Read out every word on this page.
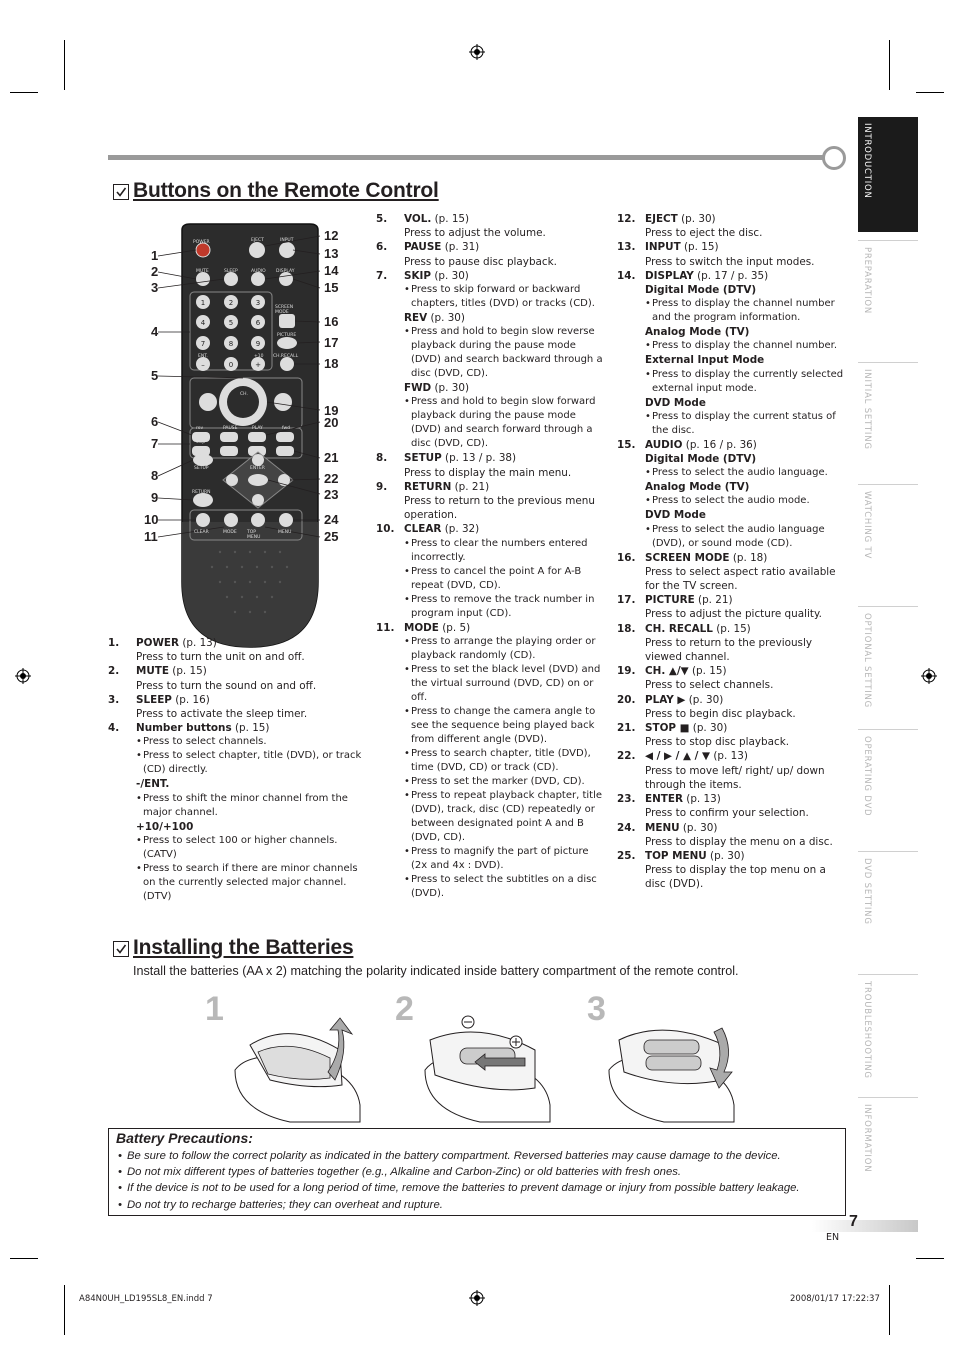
INTRODUCTION
PREPARATION
INITIAL SETTING
WATCHING TV
OPTIONAL SETTING
OPERATING DVD
DVD SETTING
TROUBLESHOOTING
INFORMATION
Buttons on the Remote Control
1	2	3
4	5	6
7	8	9
–	0	+
1
2
3
4
5
6
7
8
9
10
11
12
13
14
15
16
17
18
19
20
21
22
23
24
25
POWER	EJECT	INPUT
MUTE	SLEEP	AUDIO DISPLAY
SCREEN MODE
PICTURE
ENT.	+10 CH.RECALL
CH.
VOL.
rev	PAUSE	PLAY	fwd
skip
STOP
SETUP	ENTER
RETURN
CLEAR	MODE TOP MENU
MENU
1. POWER (p. 13)
Press to turn the unit on and off.
2. MUTE (p. 15)
Press to turn the sound on and off.
3. SLEEP (p. 16)
Press to activate the sleep timer.
4. Number buttons (p. 15)
• Press to select channels.
• Press to select chapter, title (DVD), or track (CD) directly.
-/ENT.
• Press to shift the minor channel from the major channel.
+10/+100
• Press to select 100 or higher channels. (CATV)
• Press to search if there are minor channels on the currently selected major channel. (DTV)
5. VOL. (p. 15)
Press to adjust the volume.
6. PAUSE (p. 31)
Press to pause disc playback.
7. SKIP (p. 30)
• Press to skip forward or backward chapters, titles (DVD) or tracks (CD).
REV (p. 30)
• Press and hold to begin slow reverse playback during the pause mode (DVD) and search backward through a disc (DVD, CD).
FWD (p. 30)
• Press and hold to begin slow forward playback during the pause mode (DVD) and search forward through a disc (DVD, CD).
8. SETUP (p. 13 / p. 38)
Press to display the main menu.
9. RETURN (p. 21)
Press to return to the previous menu operation.
10. CLEAR (p. 32)
• Press to clear the numbers entered incorrectly.
• Press to cancel the point A for A-B repeat (DVD, CD).
• Press to remove the track number in program input (CD).
11. MODE (p. 5)
• Press to arrange the playing order or playback randomly (CD).
• Press to set the black level (DVD) and the virtual surround (DVD, CD) on or off.
• Press to change the camera angle to see the sequence being played back from different angle (DVD).
• Press to search chapter, title (DVD), time (DVD, CD) or track (CD).
• Press to set the marker (DVD, CD).
• Press to repeat playback chapter, title (DVD), track, disc (CD) repeatedly or between designated point A and B (DVD, CD).
• Press to magnify the part of picture (2x and 4x : DVD).
• Press to select the subtitles on a disc (DVD).
12. EJECT (p. 30)
Press to eject the disc.
13. INPUT (p. 15)
Press to switch the input modes.
14. DISPLAY (p. 17 / p. 35)
Digital Mode (DTV)
• Press to display the channel number and the program information.
Analog Mode (TV)
• Press to display the channel number.
External Input Mode
• Press to display the currently selected external input mode.
DVD Mode
• Press to display the current status of the disc.
15. AUDIO (p. 16 / p. 36)
Digital Mode (DTV)
• Press to select the audio language.
Analog Mode (TV)
• Press to select the audio mode.
DVD Mode
• Press to select the audio language (DVD), or sound mode (CD).
16. SCREEN MODE (p. 18)
Press to select aspect ratio available for the TV screen.
17. PICTURE (p. 21)
Press to adjust the picture quality.
18. CH. RECALL (p. 15)
Press to return to the previously viewed channel.
19. CH. ▲/▼ (p. 15)
Press to select channels.
20. PLAY ▶ (p. 30)
Press to begin disc playback.
21. STOP ■ (p. 30)
Press to stop disc playback.
22. ◀ / ▶ / ▲ / ▼ (p. 13)
Press to move left/ right/ up/ down through the items.
23. ENTER (p. 13)
Press to confirm your selection.
24. MENU (p. 30)
Press to display the menu on a disc.
25. TOP MENU (p. 30)
Press to display the top menu on a disc (DVD).
Installing the Batteries
Install the batteries (AA x 2) matching the polarity indicated inside battery compartment of the remote control.
1	2	3
Battery Precautions:
• Be sure to follow the correct polarity as indicated in the battery compartment. Reversed batteries may cause damage to the device.
• Do not mix different types of batteries together (e.g., Alkaline and Carbon-Zinc) or old batteries with fresh ones.
• If the device is not to be used for a long period of time, remove the batteries to prevent damage or injury from possible battery leakage.
• Do not try to recharge batteries; they can overheat and rupture.
7
EN
A84N0UH_LD195SL8_EN.indd 7	2008/01/17 17:22:37
